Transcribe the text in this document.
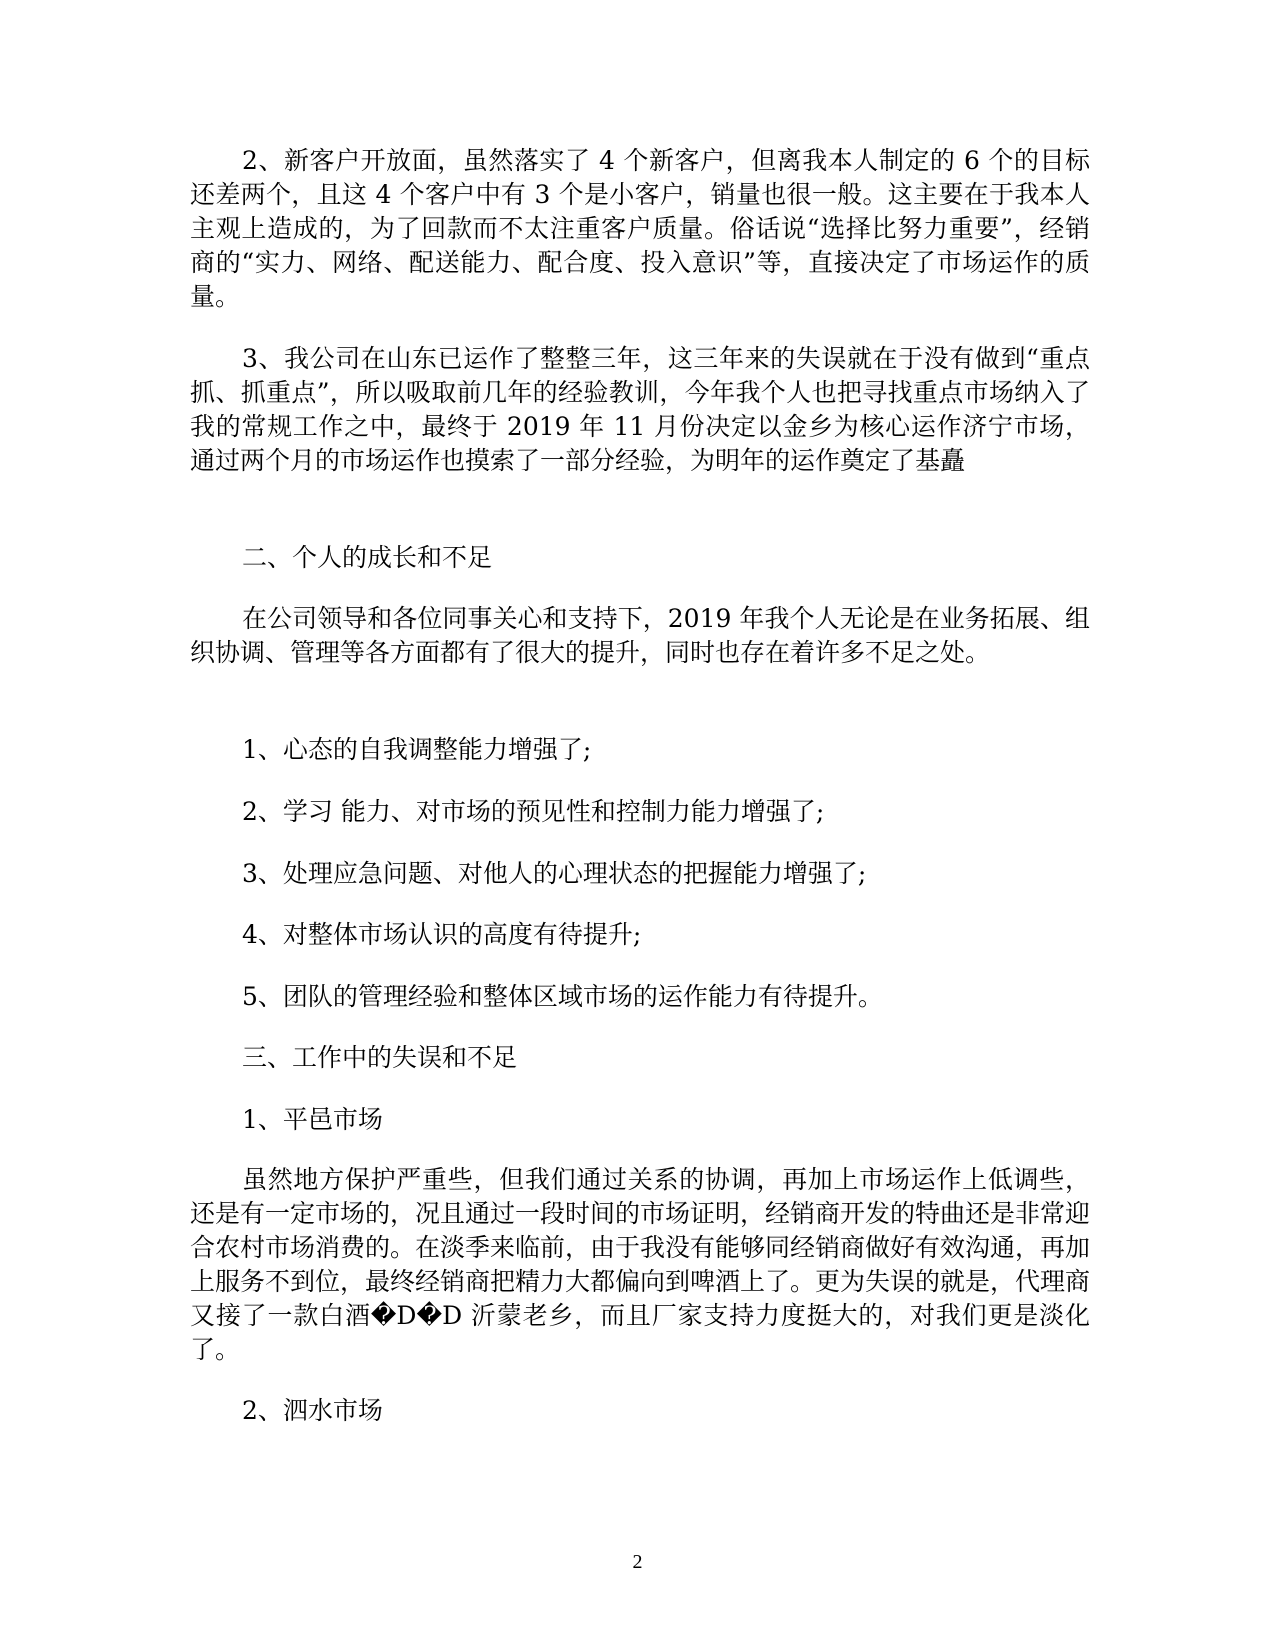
2、新客户开放面，虽然落实了 4 个新客户，但离我本人制定的 6 个的目标还差两个，且这 4 个客户中有 3 个是小客户，销量也很一般。这主要在于我本人主观上造成的，为了回款而不太注重客户质量。俗话说“选择比努力重要”，经销商的“实力、网络、配送能力、配合度、投入意识”等，直接决定了市场运作的质量。

3、我公司在山东已运作了整整三年，这三年来的失误就在于没有做到“重点抓、抓重点”，所以吸取前几年的经验教训，今年我个人也把寻找重点市场纳入了我的常规工作之中，最终于 2019 年 11 月份决定以金乡为核心运作济宁市场，通过两个月的市场运作也摸索了一部分经验，为明年的运作奠定了基矗

二、个人的成长和不足

在公司领导和各位同事关心和支持下，2019 年我个人无论是在业务拓展、组织协调、管理等各方面都有了很大的提升，同时也存在着许多不足之处。

1、心态的自我调整能力增强了;

2、学习 能力、对市场的预见性和控制力能力增强了;

3、处理应急问题、对他人的心理状态的把握能力增强了;

4、对整体市场认识的高度有待提升;

5、团队的管理经验和整体区域市场的运作能力有待提升。

三、工作中的失误和不足

1、平邑市场

虽然地方保护严重些，但我们通过关系的协调，再加上市场运作上低调些，还是有一定市场的，况且通过一段时间的市场证明，经销商开发的特曲还是非常迎合农村市场消费的。在淡季来临前，由于我没有能够同经销商做好有效沟通，再加上服务不到位，最终经销商把精力大都偏向到啤酒上了。更为失误的就是，代理商又接了一款白酒�D�D 沂蒙老乡，而且厂家支持力度挺大的，对我们更是淡化了。

2、泗水市场

2
